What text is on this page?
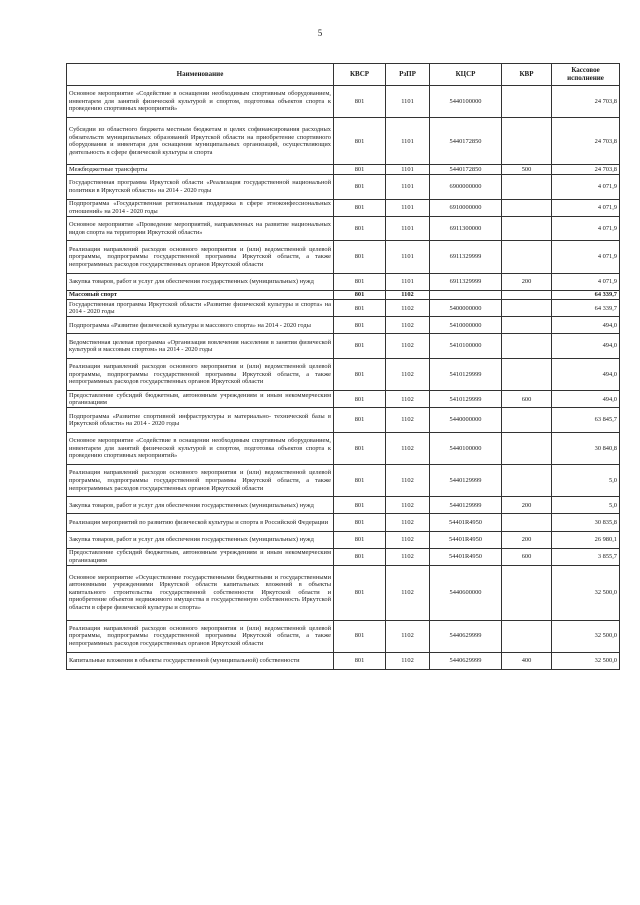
5
Наименование	КВСР	РзПР	КЦСР	КВР	Кассовое исполнение
Основное мероприятие «Содействие в оснащении необходимым спортивным оборудованием, инвентарем для занятий физической культурой и спортом, подготовка объектов спорта к проведению спортивных мероприятий»	801	1101	5440100000		24 703,8
Субсидии из областного бюджета местным бюджетам в целях софинансирования расходных обязательств муниципальных образований Иркутской области на приобретение спортивного оборудования и инвентаря для оснащения муниципальных организаций, осуществляющих деятельность в сфере физической культуры и спорта	801	1101	5440172850		24 703,8
Межбюджетные трансферты	801	1101	5440172850	500	24 703,8
Государственная программа Иркутской области «Реализация государственной национальной политики в Иркутской области» на 2014 - 2020 годы	801	1101	6900000000		4 071,9
Подпрограмма «Государственная региональная поддержка в сфере этноконфессиональных отношений» на 2014 - 2020 годы	801	1101	6910000000		4 071,9
Основное мероприятие «Проведение мероприятий, направленных на развитие национальных видов спорта на территории Иркутской области»	801	1101	6911300000		4 071,9
Реализация направлений расходов основного мероприятия и (или) ведомственной целевой программы, подпрограммы государственной программы Иркутской области, а также непрограммных расходов государственных органов Иркутской области	801	1101	6911329999		4 071,9
Закупка товаров, работ и услуг для обеспечения государственных (муниципальных) нужд	801	1101	6911329999	200	4 071,9
Массовый спорт	801	1102			64 339,7
Государственная программа Иркутской области «Развитие физической культуры и спорта» на 2014 - 2020 годы	801	1102	5400000000		64 339,7
Подпрограмма «Развитие физической культуры и массового спорта» на 2014 - 2020 годы	801	1102	5410000000		494,0
Ведомственная целевая программа «Организация вовлечения населения в занятия физической культурой и массовым спортом» на 2014 - 2020 годы	801	1102	5410100000		494,0
Реализация направлений расходов основного мероприятия и (или) ведомственной целевой программы, подпрограммы государственной программы Иркутской области, а также непрограммных расходов государственных органов Иркутской области	801	1102	5410129999		494,0
Предоставление субсидий бюджетным, автономным учреждениям и иным некоммерческим организациям	801	1102	5410129999	600	494,0
Подпрограмма «Развитие спортивной инфраструктуры и материально- технической базы в Иркутской области» на 2014 - 2020 годы	801	1102	5440000000		63 845,7
Основное мероприятие «Содействие в оснащении необходимым спортивным оборудованием, инвентарем для занятий физической культурой и спортом, подготовка объектов спорта к проведению спортивных мероприятий»	801	1102	5440100000		30 840,8
Реализация направлений расходов основного мероприятия и (или) ведомственной целевой программы, подпрограммы государственной программы Иркутской области, а также непрограммных расходов государственных органов Иркутской области	801	1102	5440129999		5,0
Закупка товаров, работ и услуг для обеспечения государственных (муниципальных) нужд	801	1102	5440129999	200	5,0
Реализация мероприятий по развитию физической культуры и спорта в Российской Федерации	801	1102	54401R4950		30 835,8
Закупка товаров, работ и услуг для обеспечения государственных (муниципальных) нужд	801	1102	54401R4950	200	26 980,1
Предоставление субсидий бюджетным, автономным учреждениям и иным некоммерческим организациям	801	1102	54401R4950	600	3 855,7
Основное мероприятие «Осуществление государственными бюджетными и государственными автономными учреждениями Иркутской области капитальных вложений в объекты капитального строительства государственной собственности Иркутской области и приобретение объектов недвижимого имущества в государственную собственность Иркутской области в сфере физической культуры и спорта»	801	1102	5440600000		32 500,0
Реализация направлений расходов основного мероприятия и (или) ведомственной целевой программы, подпрограммы государственной программы Иркутской области, а также непрограммных расходов государственных органов Иркутской области	801	1102	5440629999		32 500,0
Капитальные вложения в объекты государственной (муниципальной) собственности	801	1102	5440629999	400	32 500,0
